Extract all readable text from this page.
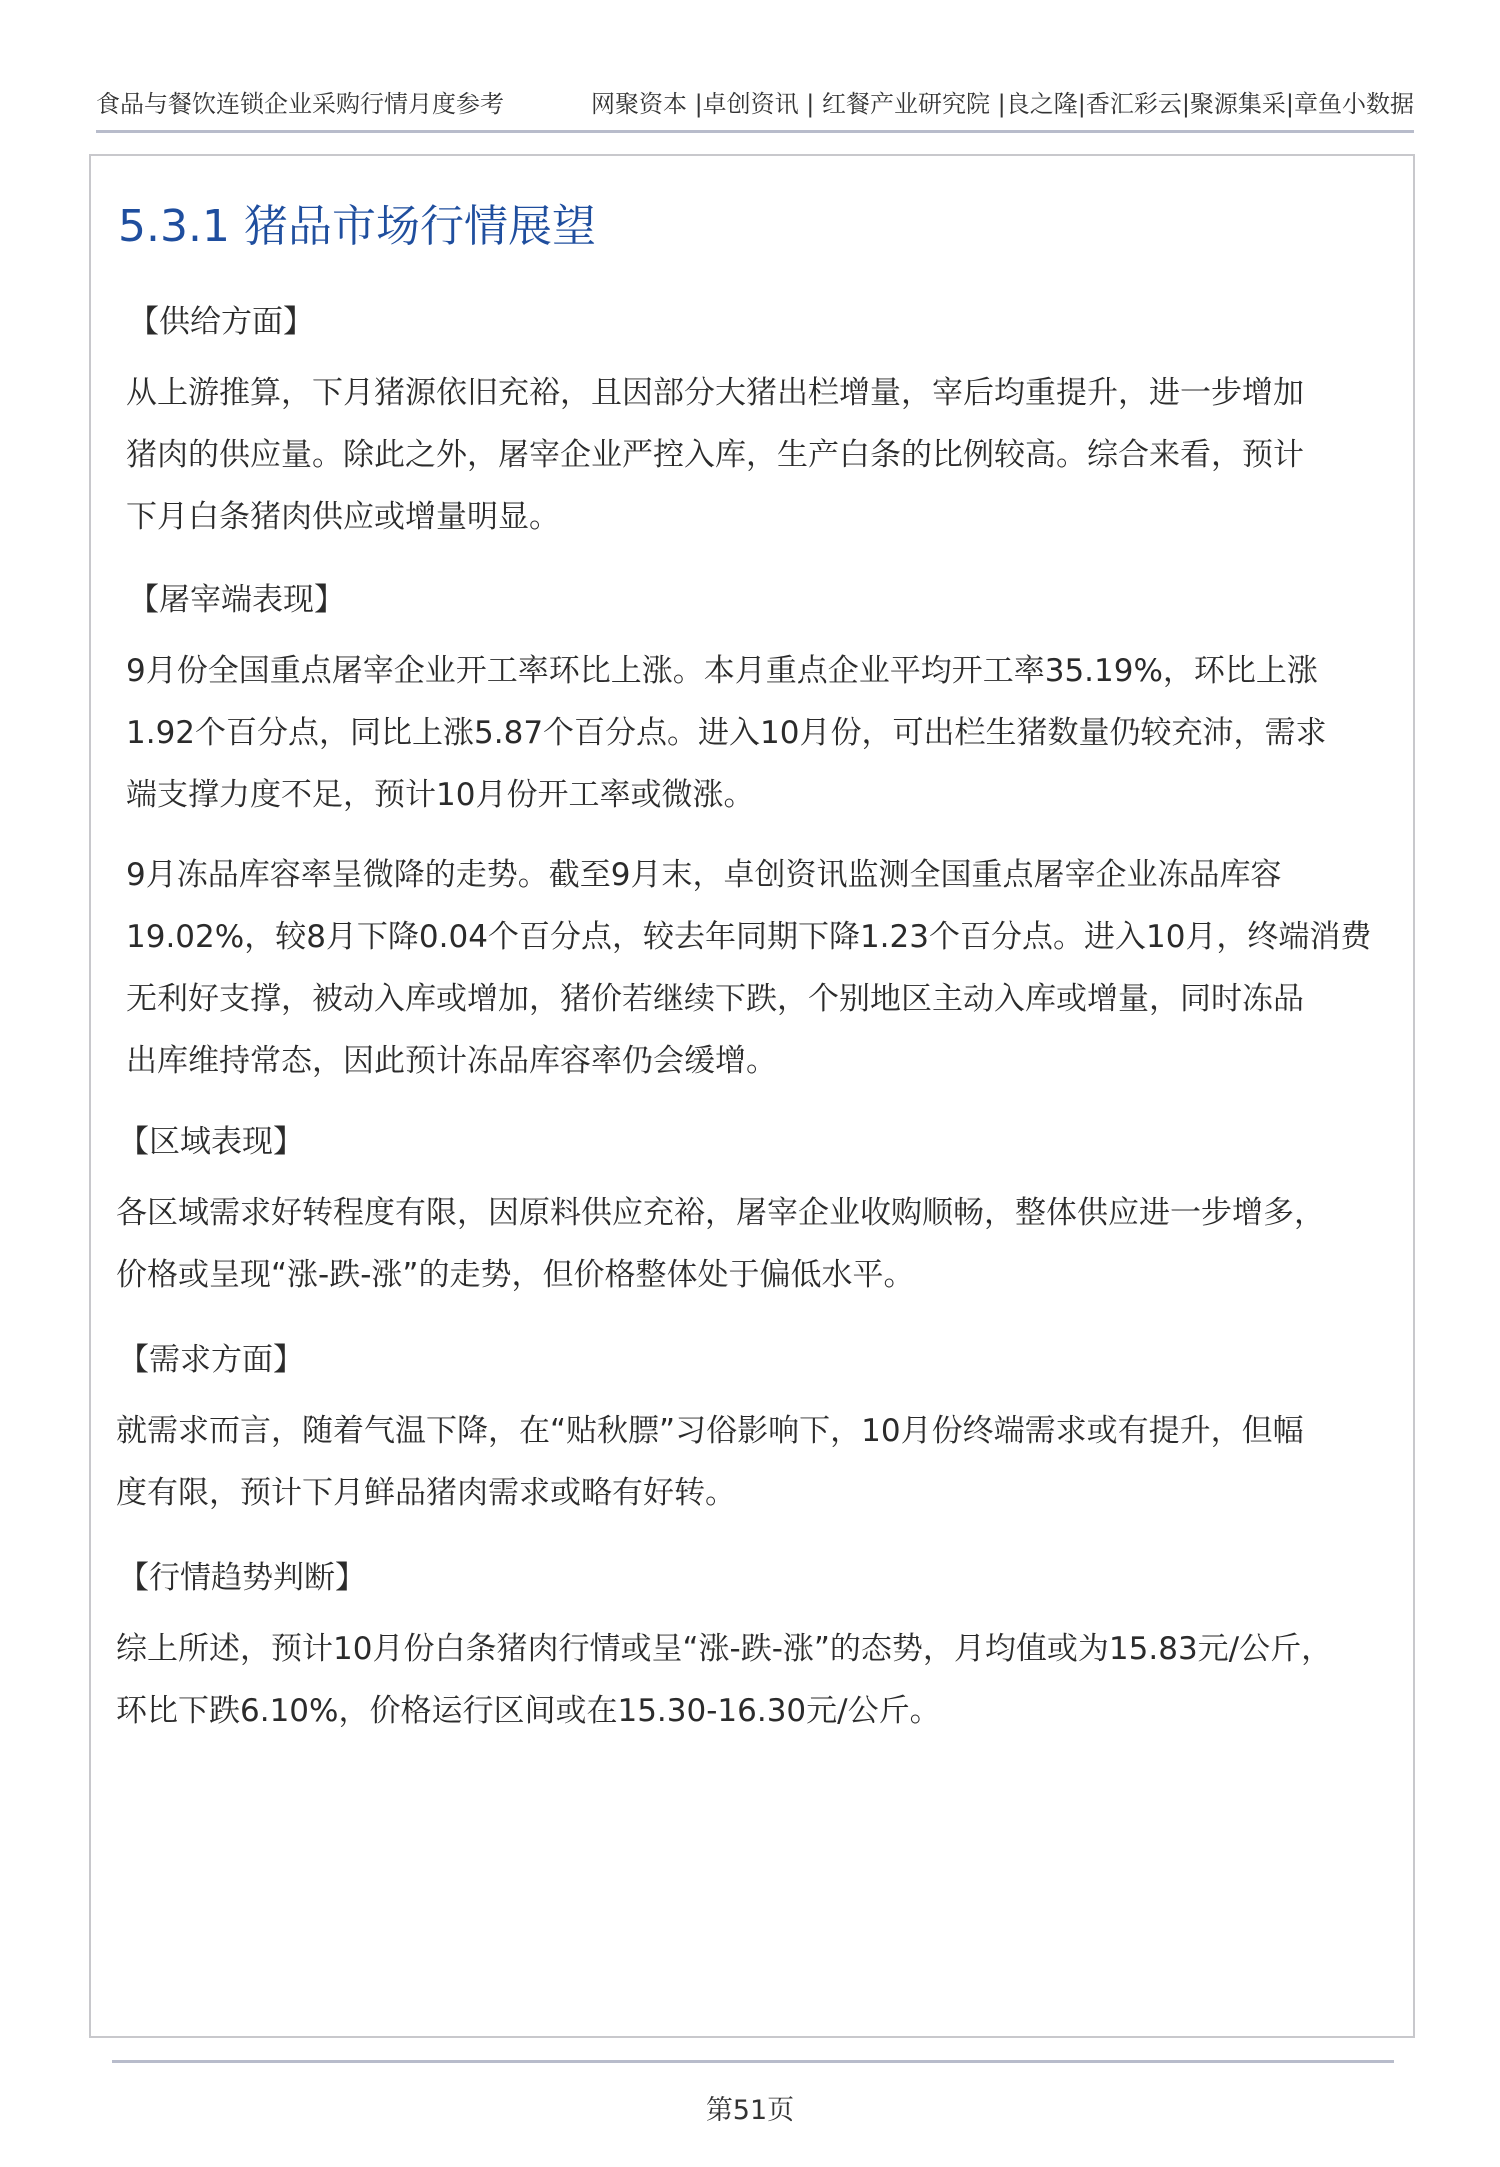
食品与餐饮连锁企业采购行情月度参考	网聚资本 |卓创资讯 | 红餐产业研究院 |良之隆|香汇彩云|聚源集采|章鱼小数据
5.3.1 猪品市场行情展望
【供给方面】

从上游推算，下月猪源依旧充裕，且因部分大猪出栏增量，宰后均重提升，进一步增加
猪肉的供应量。除此之外，屠宰企业严控入库，生产白条的比例较高。综合来看，预计
下月白条猪肉供应或增量明显。

【屠宰端表现】

9月份全国重点屠宰企业开工率环比上涨。本月重点企业平均开工率35.19%，环比上涨
1.92个百分点，同比上涨5.87个百分点。进入10月份，可出栏生猪数量仍较充沛，需求
端支撑力度不足，预计10月份开工率或微涨。

9月冻品库容率呈微降的走势。截至9月末，卓创资讯监测全国重点屠宰企业冻品库容
19.02%，较8月下降0.04个百分点，较去年同期下降1.23个百分点。进入10月，终端消费
无利好支撑，被动入库或增加，猪价若继续下跌，个别地区主动入库或增量，同时冻品
出库维持常态，因此预计冻品库容率仍会缓增。

【区域表现】

各区域需求好转程度有限，因原料供应充裕，屠宰企业收购顺畅，整体供应进一步增多，
价格或呈现“涨-跌-涨”的走势，但价格整体处于偏低水平。

【需求方面】

就需求而言，随着气温下降，在“贴秋膘”习俗影响下，10月份终端需求或有提升，但幅
度有限，预计下月鲜品猪肉需求或略有好转。

【行情趋势判断】

综上所述，预计10月份白条猪肉行情或呈“涨-跌-涨”的态势，月均值或为15.83元/公斤，
环比下跌6.10%，价格运行区间或在15.30-16.30元/公斤。

第51页
